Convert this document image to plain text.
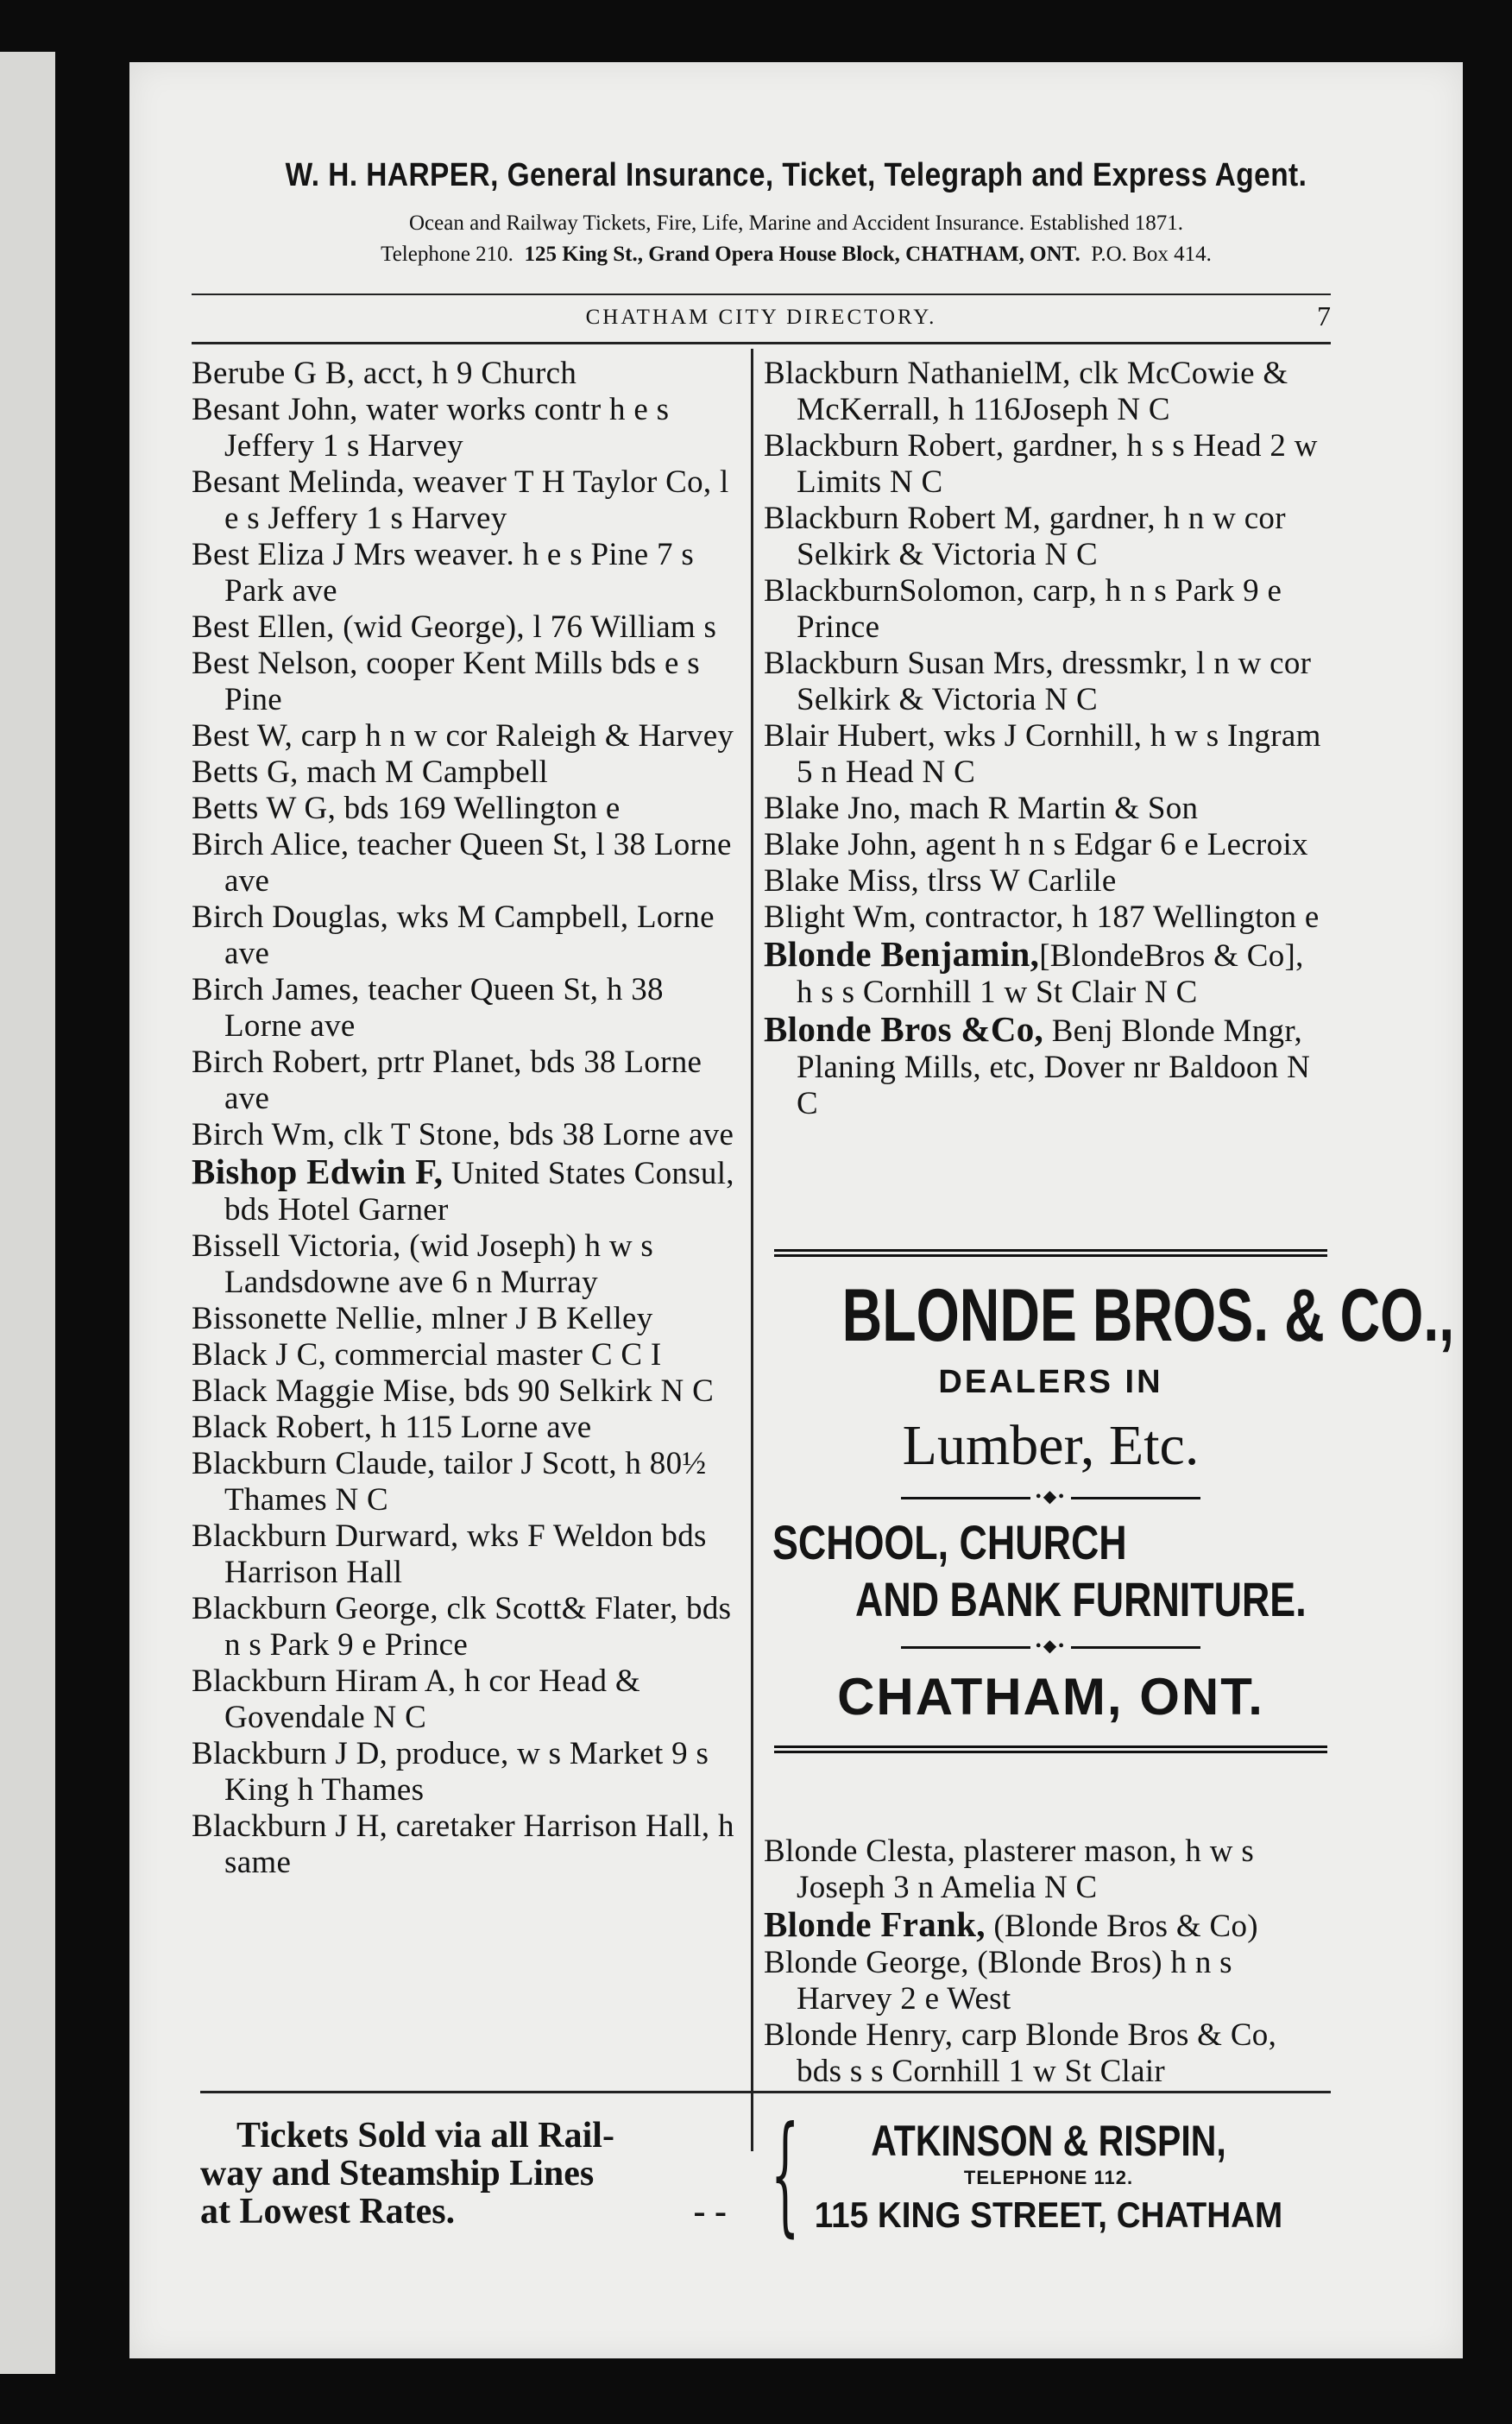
W. H. HARPER, General Insurance, Ticket, Telegraph and Express Agent.
Ocean and Railway Tickets, Fire, Life, Marine and Accident Insurance. Established 1871.
Telephone 210. 125 King St., Grand Opera House Block, CHATHAM, ONT. P.O. Box 414.
CHATHAM CITY DIRECTORY.	7
Berube G B, acct, h 9 Church
Besant John, water works contr h e s Jeffery 1 s Harvey
Besant Melinda, weaver T H Taylor Co, l e s Jeffery 1 s Harvey
Best Eliza J Mrs weaver. h e s Pine 7 s Park ave
Best Ellen, (wid George), l 76 William s
Best Nelson, cooper Kent Mills bds e s Pine
Best W, carp h n w cor Raleigh & Harvey
Betts G, mach M Campbell
Betts W G, bds 169 Wellington e
Birch Alice, teacher Queen St, l 38 Lorne ave
Birch Douglas, wks M Campbell, Lorne ave
Birch James, teacher Queen St, h 38 Lorne ave
Birch Robert, prtr Planet, bds 38 Lorne ave
Birch Wm, clk T Stone, bds 38 Lorne ave
Bishop Edwin F, United States Consul, bds Hotel Garner
Bissell Victoria, (wid Joseph) h w s Landsdowne ave 6 n Murray
Bissonette Nellie, mlner J B Kelley
Black J C, commercial master C C I
Black Maggie Mise, bds 90 Selkirk N C
Black Robert, h 115 Lorne ave
Blackburn Claude, tailor J Scott, h 80½ Thames N C
Blackburn Durward, wks F Weldon bds Harrison Hall
Blackburn George, clk Scott& Flater, bds n s Park 9 e Prince
Blackburn Hiram A, h cor Head & Govendale N C
Blackburn J D, produce, w s Market 9 s King h Thames
Blackburn J H, caretaker Harrison Hall, h same
Blackburn NathanielM, clk McCowie & McKerrall, h 116Joseph N C
Blackburn Robert, gardner, h s s Head 2 w Limits N C
Blackburn Robert M, gardner, h n w cor Selkirk & Victoria N C
BlackburnSolomon, carp, h n s Park 9 e Prince
Blackburn Susan Mrs, dressmkr, l n w cor Selkirk & Victoria N C
Blair Hubert, wks J Cornhill, h w s Ingram 5 n Head N C
Blake Jno, mach R Martin & Son
Blake John, agent h n s Edgar 6 e Lecroix
Blake Miss, tlrss W Carlile
Blight Wm, contractor, h 187 Wellington e
Blonde Benjamin,[BlondeBros & Co], h s s Cornhill 1 w St Clair N C
Blonde Bros &Co, Benj Blonde Mngr, Planing Mills, etc, Dover nr Baldoon N C
Blonde Clesta, plasterer mason, h w s Joseph 3 n Amelia N C
Blonde Frank, (Blonde Bros & Co)
Blonde George, (Blonde Bros) h n s Harvey 2 e West
Blonde Henry, carp Blonde Bros & Co, bds s s Cornhill 1 w St Clair
BLONDE BROS. & CO.,
DEALERS IN
Lumber, Etc.
•◆•
SCHOOL, CHURCH
AND BANK FURNITURE.
•◆•
CHATHAM, ONT.
Tickets Sold via all Rail-
way and Steamship Lines
at Lowest Rates.	- - {	ATKINSON & RISPIN,
TELEPHONE 112.
115 KING STREET, CHATHAM
